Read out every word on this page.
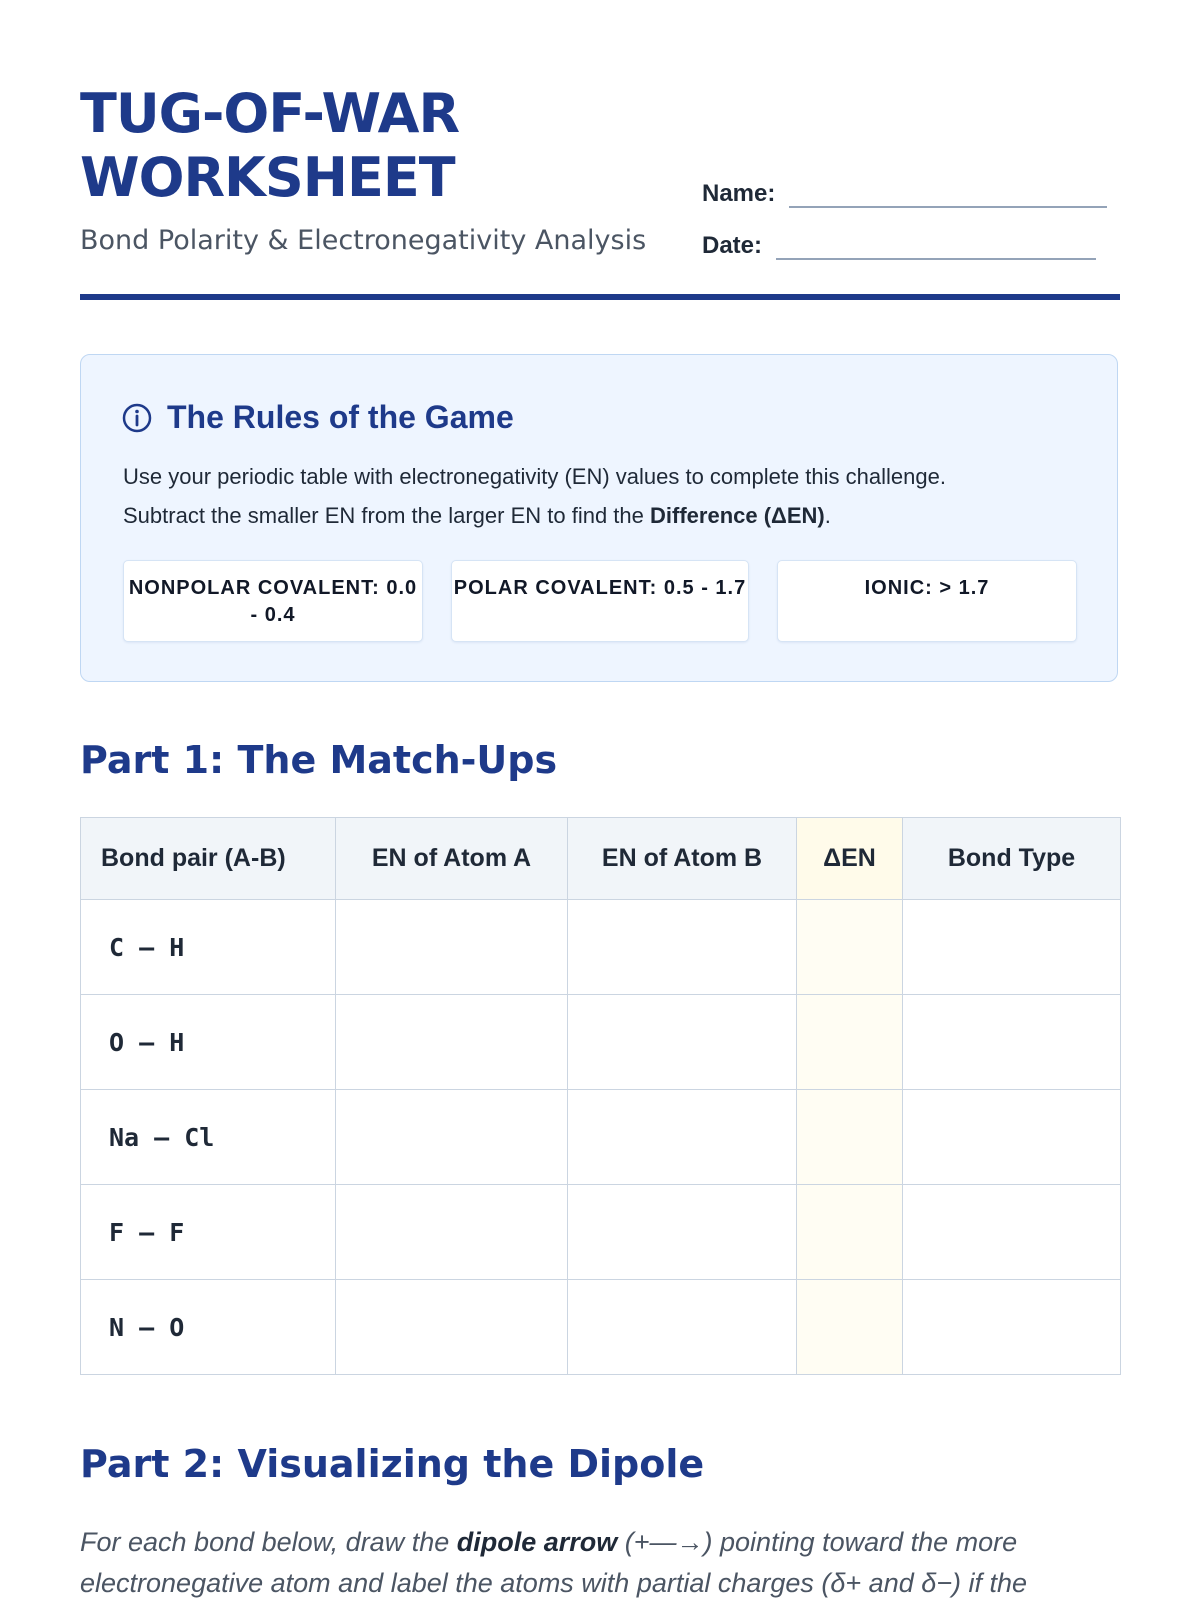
TUG-OF-WAR
WORKSHEET
Bond Polarity & Electronegativity Analysis
Name:
Date:
The Rules of the Game
Use your periodic table with electronegativity (EN) values to complete this challenge.
Subtract the smaller EN from the larger EN to find the Difference (ΔEN).
NONPOLAR COVALENT: 0.0 - 0.4
POLAR COVALENT: 0.5 - 1.7	IONIC: > 1.7
Part 1: The Match-Ups
Bond pair (A-B)	EN of Atom A	EN of Atom B	ΔEN	Bond Type
C — H				
O — H				
Na — Cl				
F — F				
N — O				
Part 2: Visualizing the Dipole
For each bond below, draw the dipole arrow (+—→) pointing toward the more electronegative atom and label the atoms with partial charges (δ+ and δ−) if the
